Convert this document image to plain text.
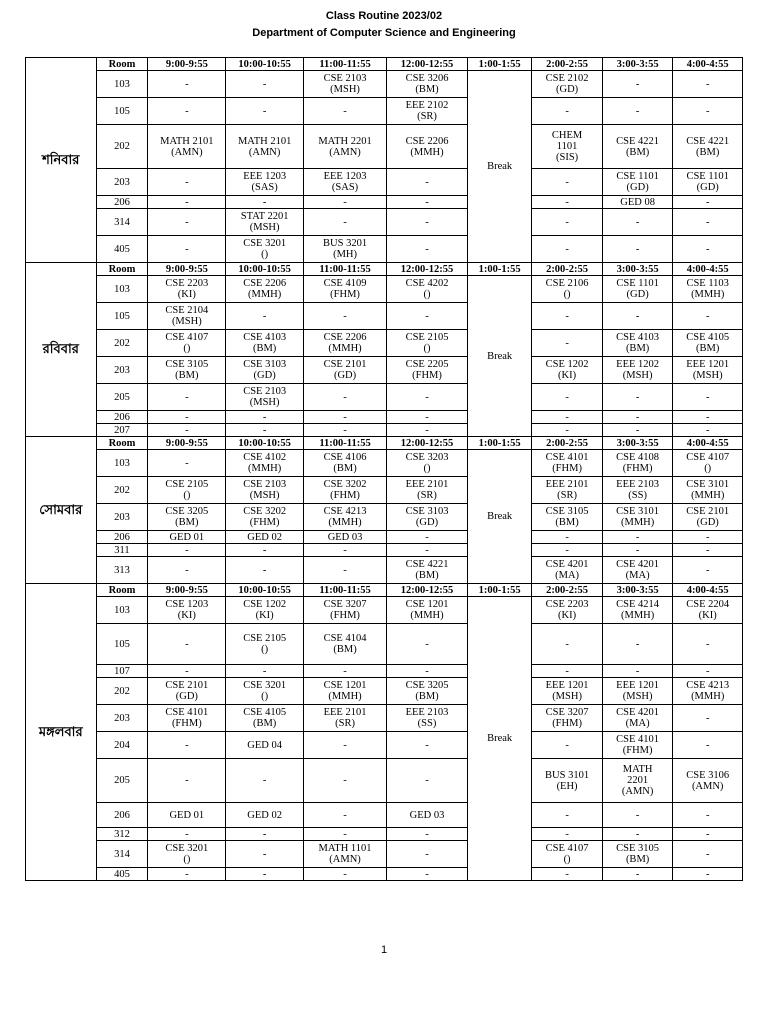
Class Routine 2023/02
Department of Computer Science and Engineering
শনিবার	Room	9:00-9:55	10:00-10:55	11:00-11:55	12:00-12:55	1:00-1:55	2:00-2:55	3:00-3:55	4:00-4:55
	103	-	-	CSE 2103
(MSH)	CSE 3206
(BM)	Break	CSE 2102
(GD)	-	-
	105	-	-	-	EEE 2102
(SR)		-	-	-
	202	MATH 2101
(AMN)	MATH 2101
(AMN)	MATH 2201
(AMN)	CSE 2206
(MMH)		CHEM
1101
(SIS)	CSE 4221
(BM)	CSE 4221
(BM)
	203	-	EEE 1203
(SAS)	EEE 1203
(SAS)	-		-	CSE 1101
(GD)	CSE 1101
(GD)
	206	-	-	-	-		-	GED 08	-
	314	-	STAT 2201
(MSH)	-	-		-	-	-
	405	-	CSE 3201
()	BUS 3201
(MH)	-		-	-	-
রবিবার	Room	9:00-9:55	10:00-10:55	11:00-11:55	12:00-12:55	1:00-1:55	2:00-2:55	3:00-3:55	4:00-4:55
	103	CSE 2203
(KI)	CSE 2206
(MMH)	CSE 4109
(FHM)	CSE 4202
()	Break	CSE 2106
()	CSE 1101
(GD)	CSE 1103
(MMH)
	105	CSE 2104
(MSH)	-	-	-		-	-	-
	202	CSE 4107
()	CSE 4103
(BM)	CSE 2206
(MMH)	CSE 2105
()		-	CSE 4103
(BM)	CSE 4105
(BM)
	203	CSE 3105
(BM)	CSE 3103
(GD)	CSE 2101
(GD)	CSE 2205
(FHM)		CSE 1202
(KI)	EEE 1202
(MSH)	EEE 1201
(MSH)
	205	-	CSE 2103
(MSH)	-	-		-	-	-
	206	-	-	-	-		-	-	-
	207	-	-	-	-		-	-	-
সোমবার	Room	9:00-9:55	10:00-10:55	11:00-11:55	12:00-12:55	1:00-1:55	2:00-2:55	3:00-3:55	4:00-4:55
	103	-	CSE 4102
(MMH)	CSE 4106
(BM)	CSE 3203
()	Break	CSE 4101
(FHM)	CSE 4108
(FHM)	CSE 4107
()
	202	CSE 2105
()	CSE 2103
(MSH)	CSE 3202
(FHM)	EEE 2101
(SR)		EEE 2101
(SR)	EEE 2103
(SS)	CSE 3101
(MMH)
	203	CSE 3205
(BM)	CSE 3202
(FHM)	CSE 4213
(MMH)	CSE 3103
(GD)		CSE 3105
(BM)	CSE 3101
(MMH)	CSE 2101
(GD)
	206	GED 01	GED 02	GED 03	-		-	-	-
	311	-	-	-	-		-	-	-
	313	-	-	-	CSE 4221
(BM)		CSE 4201
(MA)	CSE 4201
(MA)	-
মঙ্গলবার	Room	9:00-9:55	10:00-10:55	11:00-11:55	12:00-12:55	1:00-1:55	2:00-2:55	3:00-3:55	4:00-4:55
	103	CSE 1203
(KI)	CSE 1202
(KI)	CSE 3207
(FHM)	CSE 1201
(MMH)	Break	CSE 2203
(KI)	CSE 4214
(MMH)	CSE 2204
(KI)
	105	-	CSE 2105
()	CSE 4104
(BM)	-		-	-	-
	107	-	-	-	-		-	-	-
	202	CSE 2101
(GD)	CSE 3201
()	CSE 1201
(MMH)	CSE 3205
(BM)		EEE 1201
(MSH)	EEE 1201
(MSH)	CSE 4213
(MMH)
	203	CSE 4101
(FHM)	CSE 4105
(BM)	EEE 2101
(SR)	EEE 2103
(SS)		CSE 3207
(FHM)	CSE 4201
(MA)	-
	204	-	GED 04	-	-		-	CSE 4101
(FHM)	-
	205	-	-	-	-		BUS 3101
(EH)	MATH
2201
(AMN)	CSE 3106
(AMN)
	206	GED 01	GED 02	-	GED 03		-	-	-
	312	-	-	-	-		-	-	-
	314	CSE 3201
()	-	MATH 1101
(AMN)	-		CSE 4107
()	CSE 3105
(BM)	-
	405	-	-	-	-		-	-	-
1
